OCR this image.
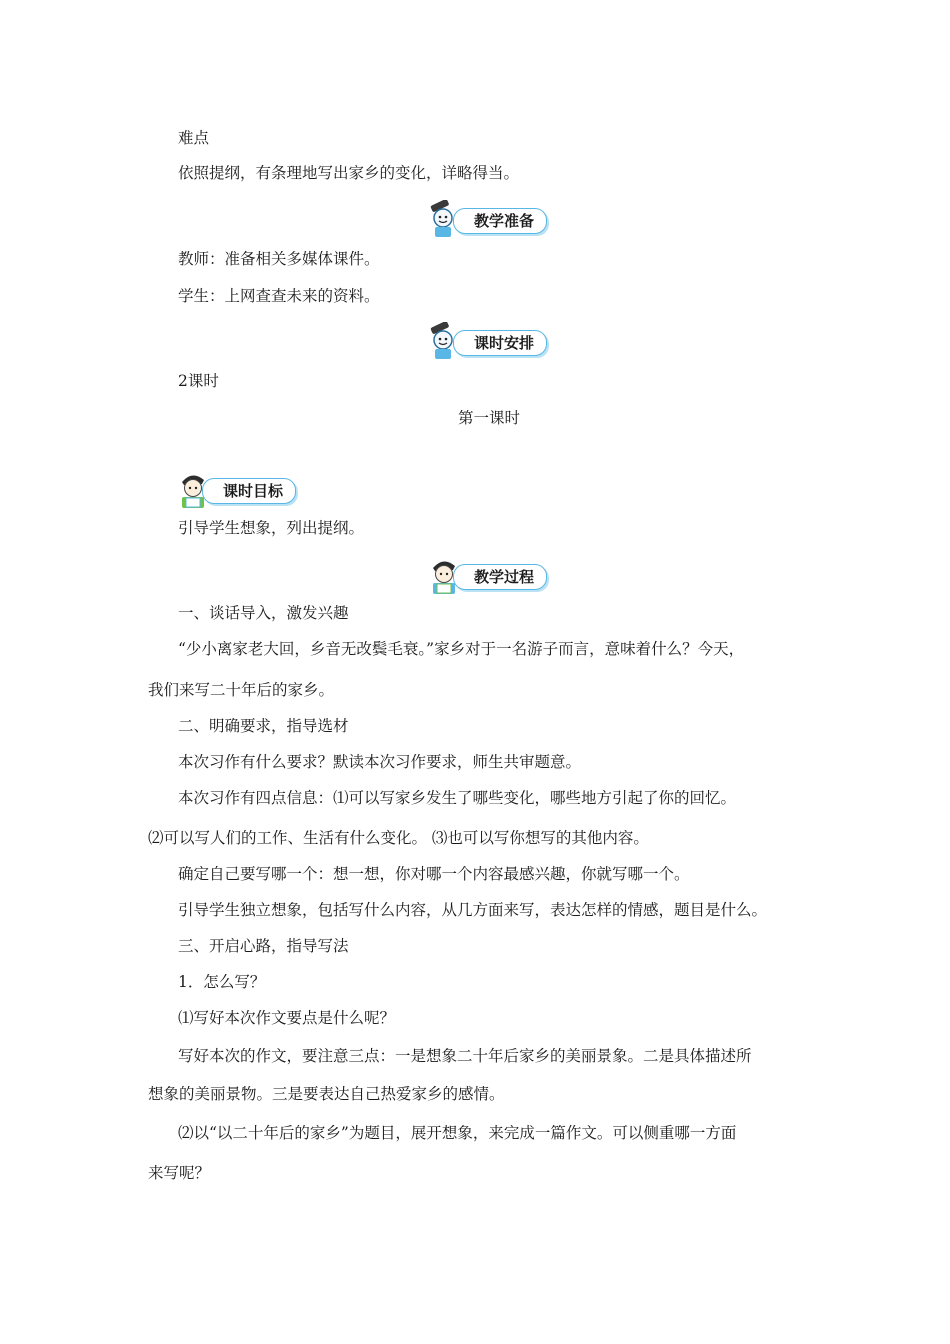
难点
依照提纲，有条理地写出家乡的变化，详略得当。
教学准备
教师：准备相关多媒体课件。
学生：上网查查未来的资料。
课时安排
2课时
第一课时
课时目标
引导学生想象，列出提纲。
教学过程
一、谈话导入，激发兴趣
“少小离家老大回，乡音无改鬓毛衰。”家乡对于一名游子而言，意味着什么？今天，
我们来写二十年后的家乡。
二、明确要求，指导选材
本次习作有什么要求？默读本次习作要求，师生共审题意。
本次习作有四点信息：⑴可以写家乡发生了哪些变化，哪些地方引起了你的回忆。
⑵可以写人们的工作、生活有什么变化。 ⑶也可以写你想写的其他内容。
确定自己要写哪一个：想一想，你对哪一个内容最感兴趣，你就写哪一个。
引导学生独立想象，包括写什么内容，从几方面来写，表达怎样的情感，题目是什么。
三、开启心路，指导写法
1．怎么写？
⑴写好本次作文要点是什么呢？
写好本次的作文，要注意三点：一是想象二十年后家乡的美丽景象。二是具体描述所
想象的美丽景物。三是要表达自己热爱家乡的感情。
⑵以“以二十年后的家乡”为题目，展开想象，来完成一篇作文。可以侧重哪一方面
来写呢？
